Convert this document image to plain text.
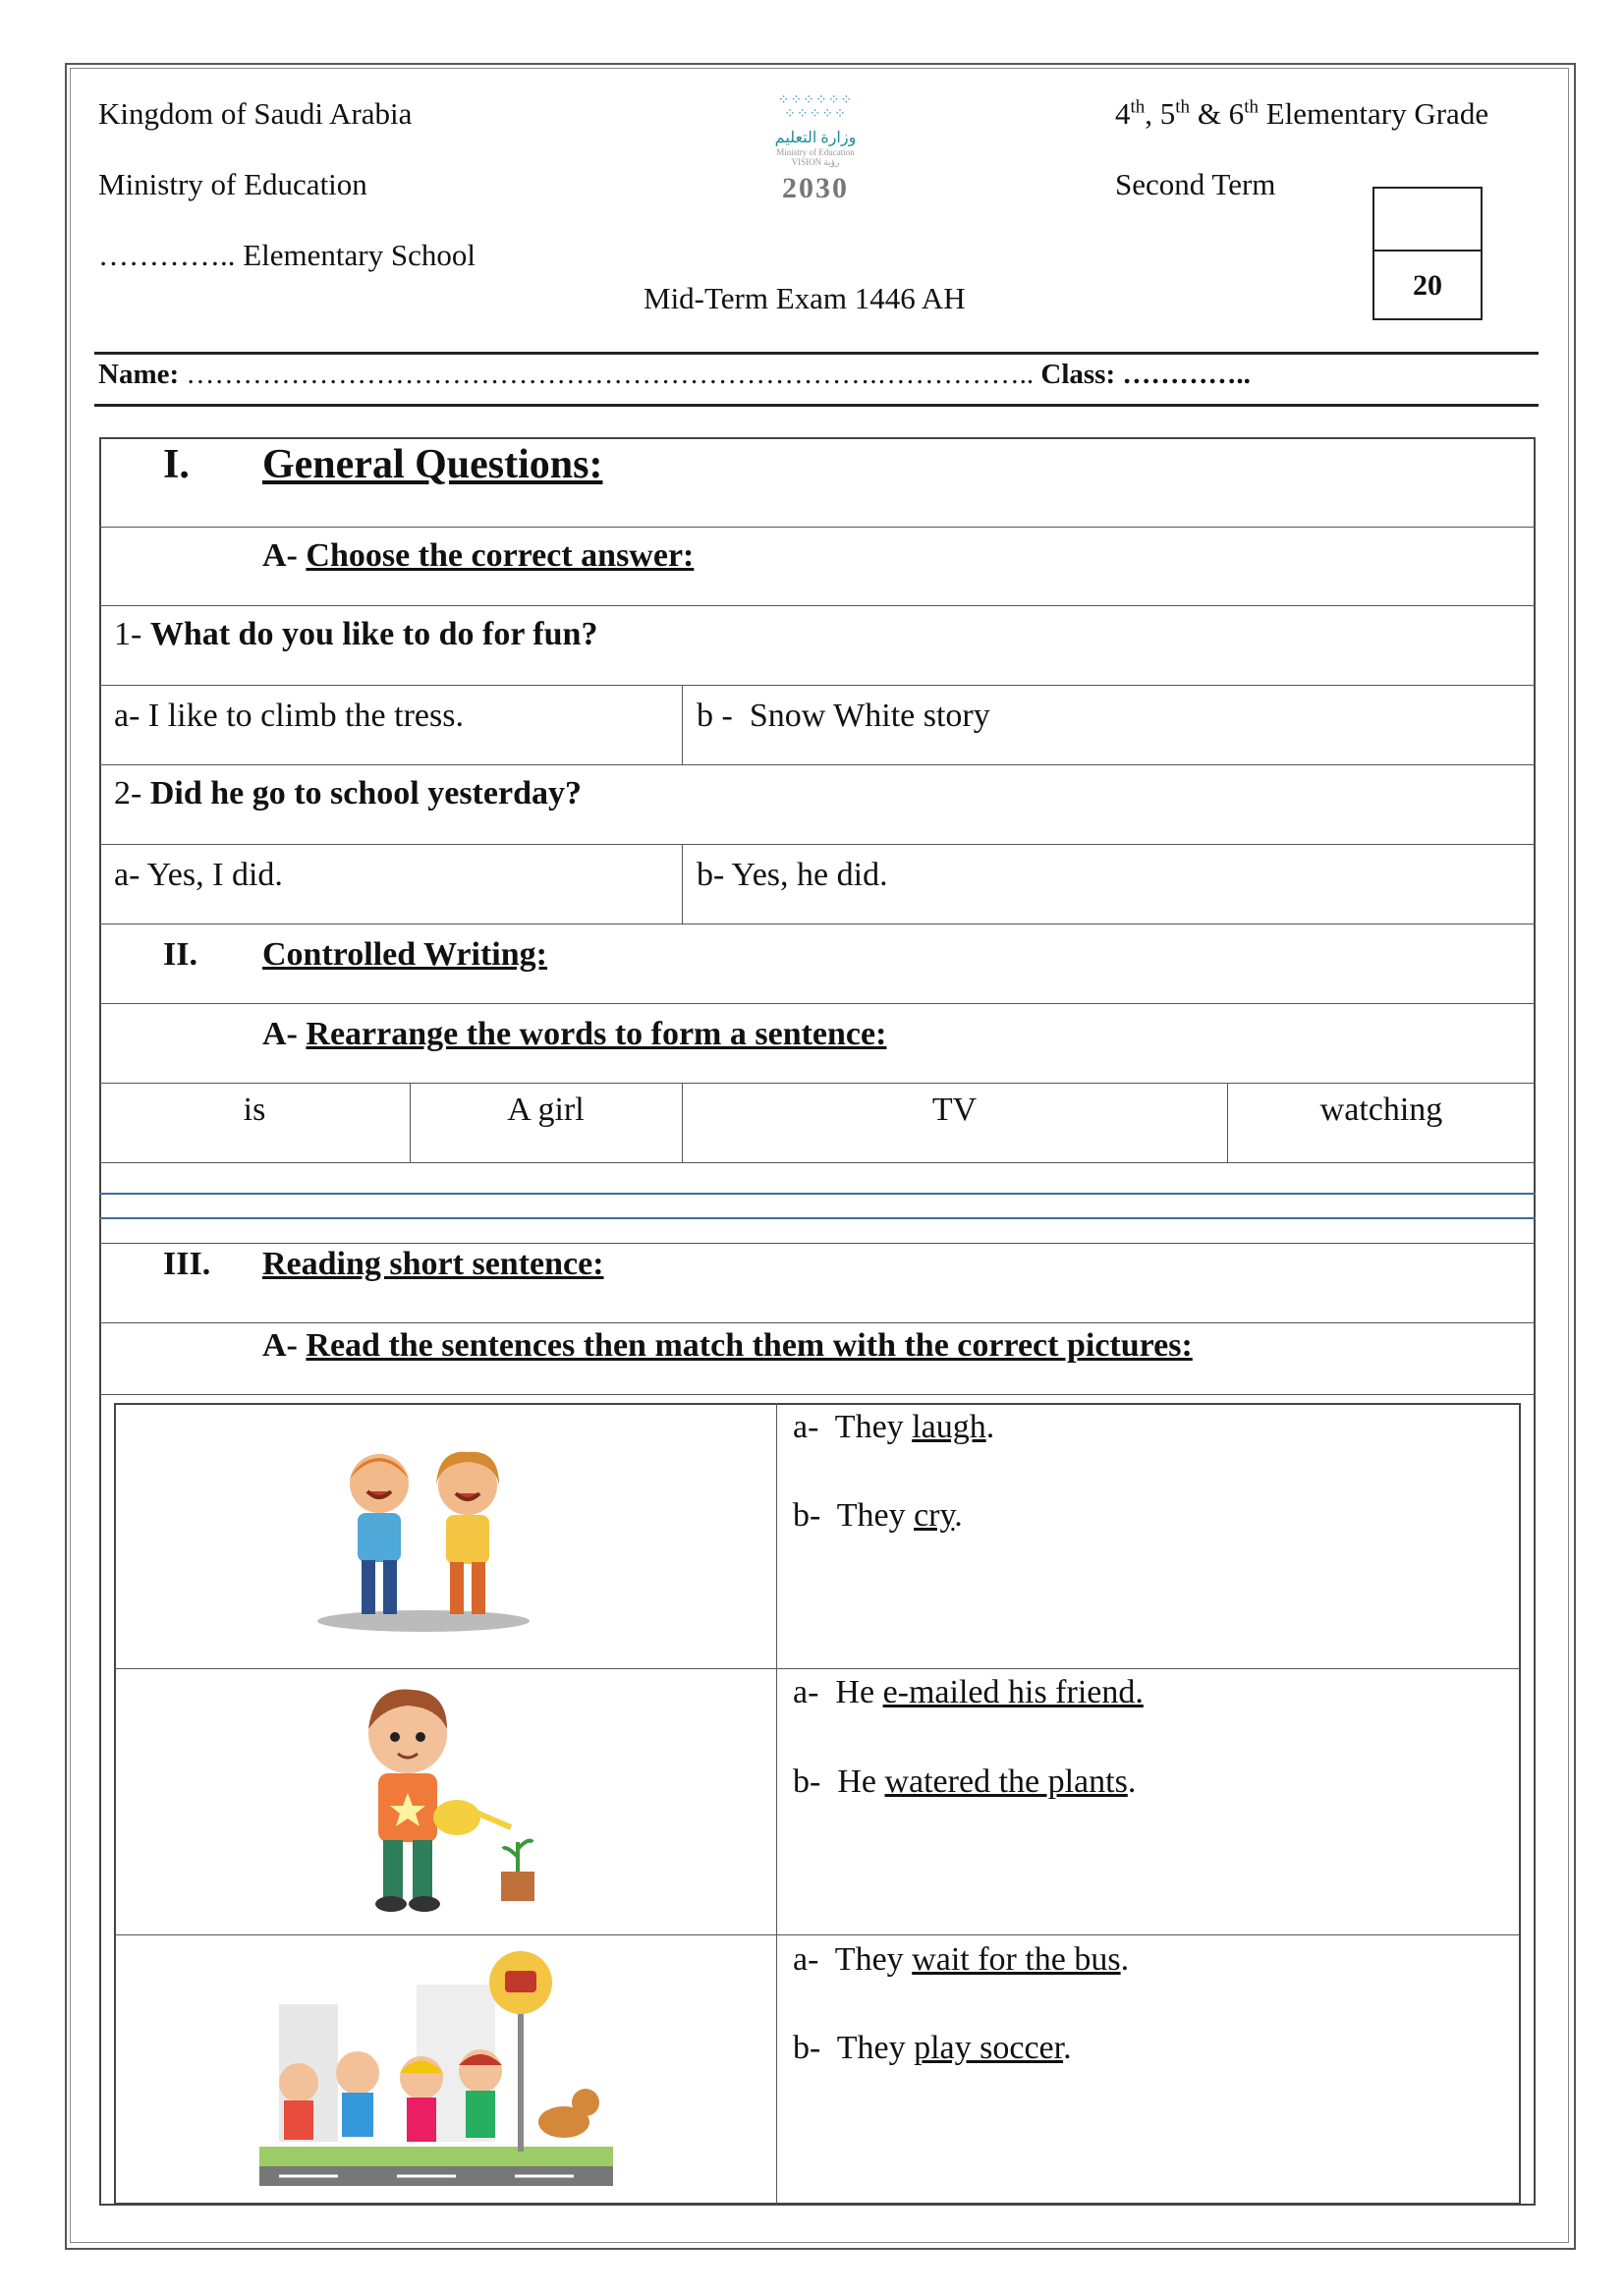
Kingdom of Saudi Arabia
Ministry of Education
………….. Elementary School
⁘⁘⁘⁘⁘⁘
⁘⁘⁘⁘⁘
وزارة التعليم
Ministry of Education
VISION رؤية
2030
4th, 5th & 6th Elementary Grade
Second Term
Mid-Term Exam 1446 AH	20
Name: ……………………………………………………………….…………….. Class: …………..
I. General Questions:
A- Choose the correct answer:
1- What do you like to do for fun?
a- I like to climb the tress.	b -  Snow White story
2- Did he go to school yesterday?
a- Yes, I did.	b- Yes, he did.
II. Controlled Writing:
A- Rearrange the words to form a sentence:
is	A girl	TV	watching
III. Reading short sentence:
A- Read the sentences then match them with the correct pictures:
a-  They laugh.
b-  They cry.
a-  He e-mailed his friend.
b-  He watered the plants.
a-  They wait for the bus.
b-  They play soccer.
